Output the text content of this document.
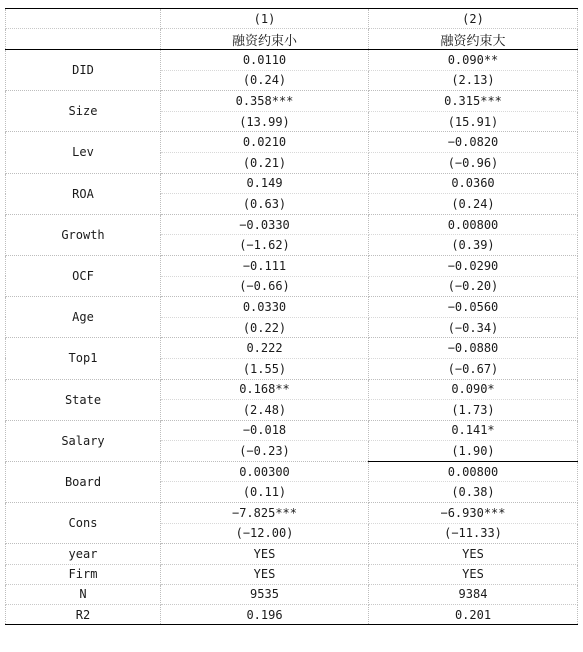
	(1)	(2)
	融资约束小	融资约束大
DID	0.0110	0.090**
	(0.24)	(2.13)
Size	0.358***	0.315***
	(13.99)	(15.91)
Lev	0.0210	−0.0820
	(0.21)	(−0.96)
ROA	0.149	0.0360
	(0.63)	(0.24)
Growth	−0.0330	0.00800
	(−1.62)	(0.39)
OCF	−0.111	−0.0290
	(−0.66)	(−0.20)
Age	0.0330	−0.0560
	(0.22)	(−0.34)
Top1	0.222	−0.0880
	(1.55)	(−0.67)
State	0.168**	0.090*
	(2.48)	(1.73)
Salary	−0.018	0.141*
	(−0.23)	(1.90)
Board	0.00300	0.00800
	(0.11)	(0.38)
Cons	−7.825***	−6.930***
	(−12.00)	(−11.33)
year	YES	YES
Firm	YES	YES
N	9535	9384
R2	0.196	0.201
